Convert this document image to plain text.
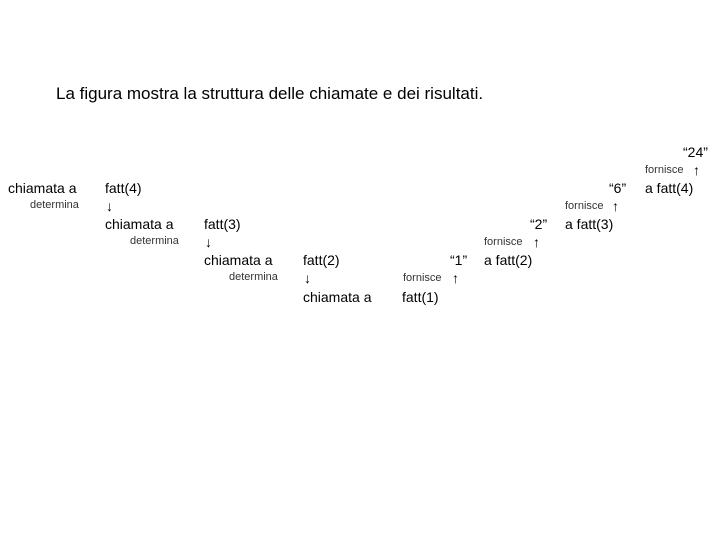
La figura mostra la struttura delle chiamate e dei risultati.
chiamata a
determina
fatt(4)
↓
chiamata a
determina
fatt(3)
↓
chiamata a
determina
fatt(2)
↓
chiamata a fatt(1)
“1”
fornisce ↑
a fatt(2)
“2”
fornisce ↑
a fatt(3)
“6”
fornisce ↑
a fatt(4)
“24”
fornisce ↑
